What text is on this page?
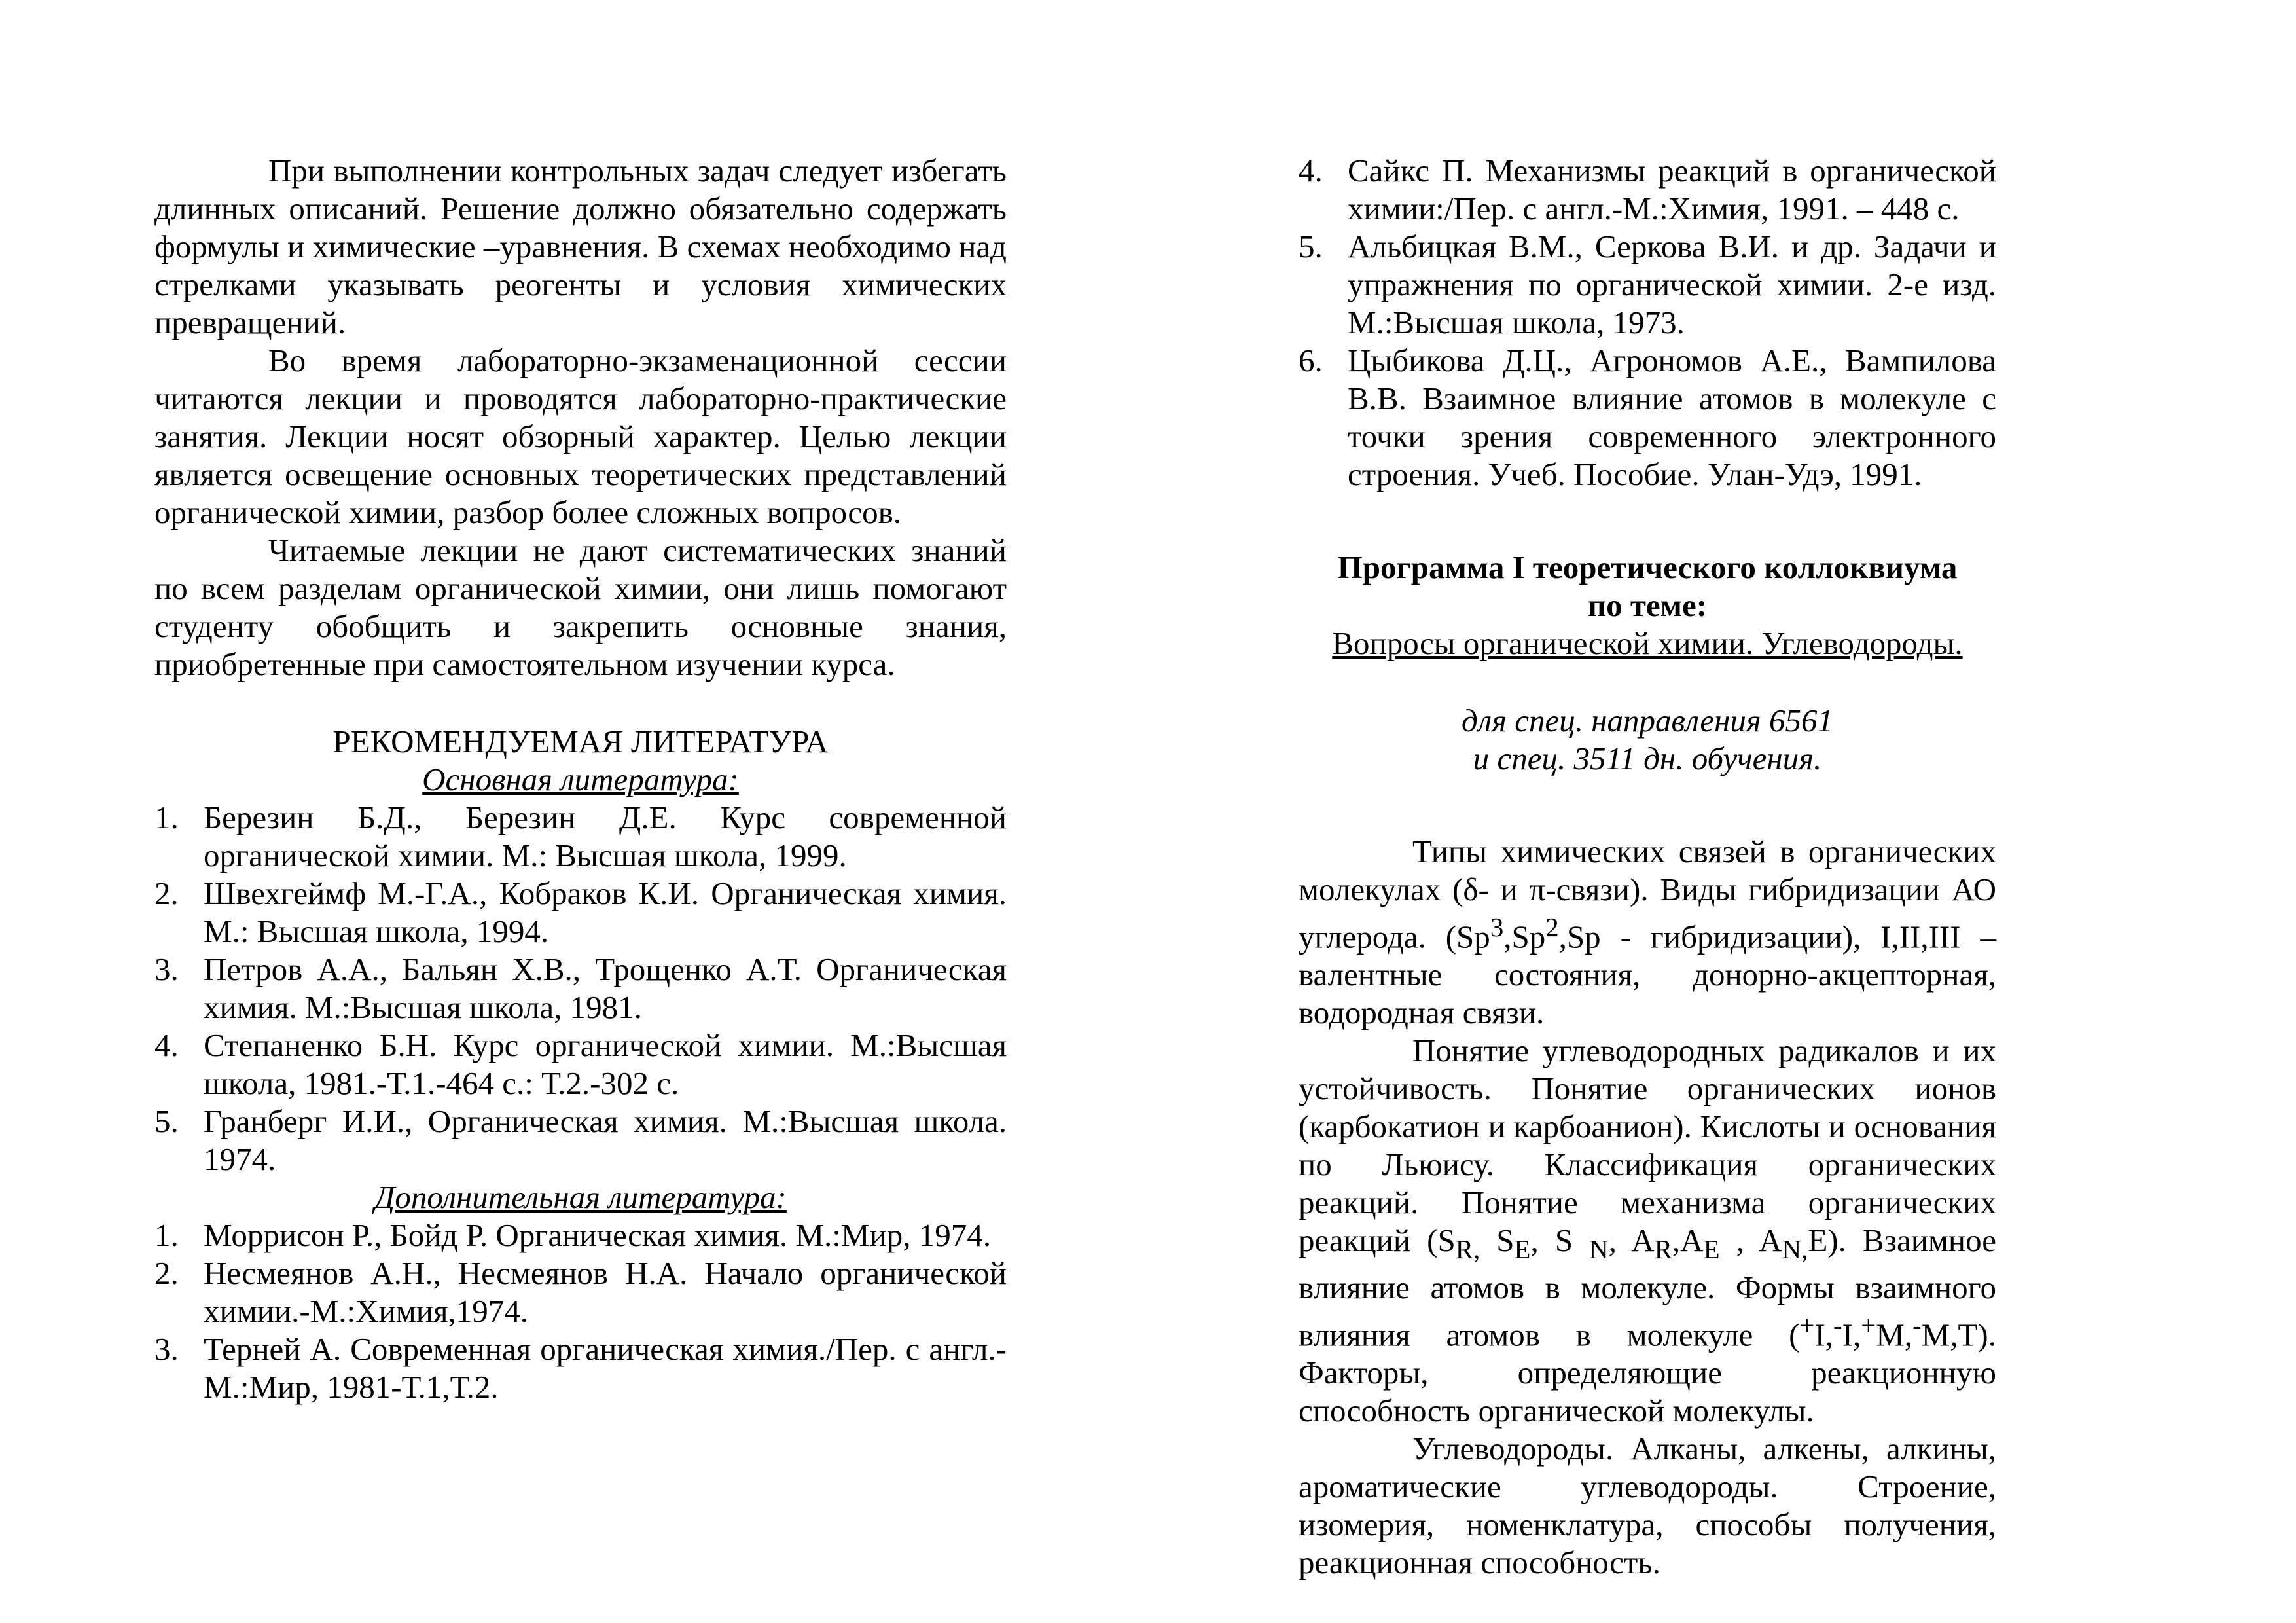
При выполнении контрольных задач следует избегать длинных описаний. Решение должно обязательно содержать формулы и химические –уравнения. В схемах необходимо над стрелками указывать реогенты и условия химических превращений.

Во время лабораторно-экзаменационной сессии читаются лекции и проводятся лабораторно-практические занятия. Лекции носят обзорный характер. Целью лекции является освещение основных теоретических представлений органической химии, разбор более сложных вопросов.

Читаемые лекции не дают систематических знаний по всем разделам органической химии, они лишь помогают студенту обобщить и закрепить основные знания, приобретенные при самостоятельном изучении курса.

РЕКОМЕНДУЕМАЯ ЛИТЕРАТУРА

Основная литература:

1. Березин Б.Д., Березин Д.Е. Курс современной органической химии. М.: Высшая школа, 1999.
2. Швехгеймф М.-Г.А., Кобраков К.И. Органическая химия. М.: Высшая школа, 1994.
3. Петров А.А., Бальян Х.В., Трощенко А.Т. Органическая химия. М.:Высшая школа, 1981.
4. Степаненко Б.Н. Курс органической химии. М.:Высшая школа, 1981.-Т.1.-464 с.: Т.2.-302 с.
5. Гранберг И.И., Органическая химия. М.:Высшая школа. 1974.

Дополнительная литература:

1. Моррисон Р., Бойд Р. Органическая химия. М.:Мир, 1974.
2. Несмеянов А.Н., Несмеянов Н.А. Начало органической химии.-М.:Химия,1974.
3. Терней А. Современная органическая химия./Пер. с англ.-М.:Мир, 1981-Т.1,Т.2.
4. Сайкс П. Механизмы реакций в органической химии:/Пер. с англ.-М.:Химия, 1991. – 448 с.
5. Альбицкая В.М., Серкова В.И. и др. Задачи и упражнения по органической химии. 2-е изд. М.:Высшая школа, 1973.
6. Цыбикова Д.Ц., Агрономов А.Е., Вампилова В.В. Взаимное влияние атомов в молекуле с точки зрения современного электронного строения. Учеб. Пособие. Улан-Удэ, 1991.

Программа I теоретического коллоквиума

по теме:

Вопросы органической химии. Углеводороды.

для спец. направления 6561

и спец. 3511 дн. обучения.

Типы химических связей в органических молекулах (δ- и π-связи). Виды гибридизации АО углерода. (Sp$^3$,Sp$^2$,Sp - гибридизации), I,II,III – валентные состояния, донорно-акцепторная, водородная связи.

Понятие углеводородных радикалов и их устойчивость. Понятие органических ионов (карбокатион и карбоанион). Кислоты и основания по Льюису. Классификация органических реакций. Понятие механизма органических реакций ($S_{R,}$ $S_E$, S $_N$, $A_R,A_E$ , $A_{N,}E$). Взаимное влияние атомов в молекуле. Формы взаимного влияния атомов в молекуле (+I,-I,+M,-M,T). Факторы, определяющие реакционную способность органической молекулы.

Углеводороды. Алканы, алкены, алкины, ароматические углеводороды. Строение, изомерия, номенклатура, способы получения, реакционная способность.
